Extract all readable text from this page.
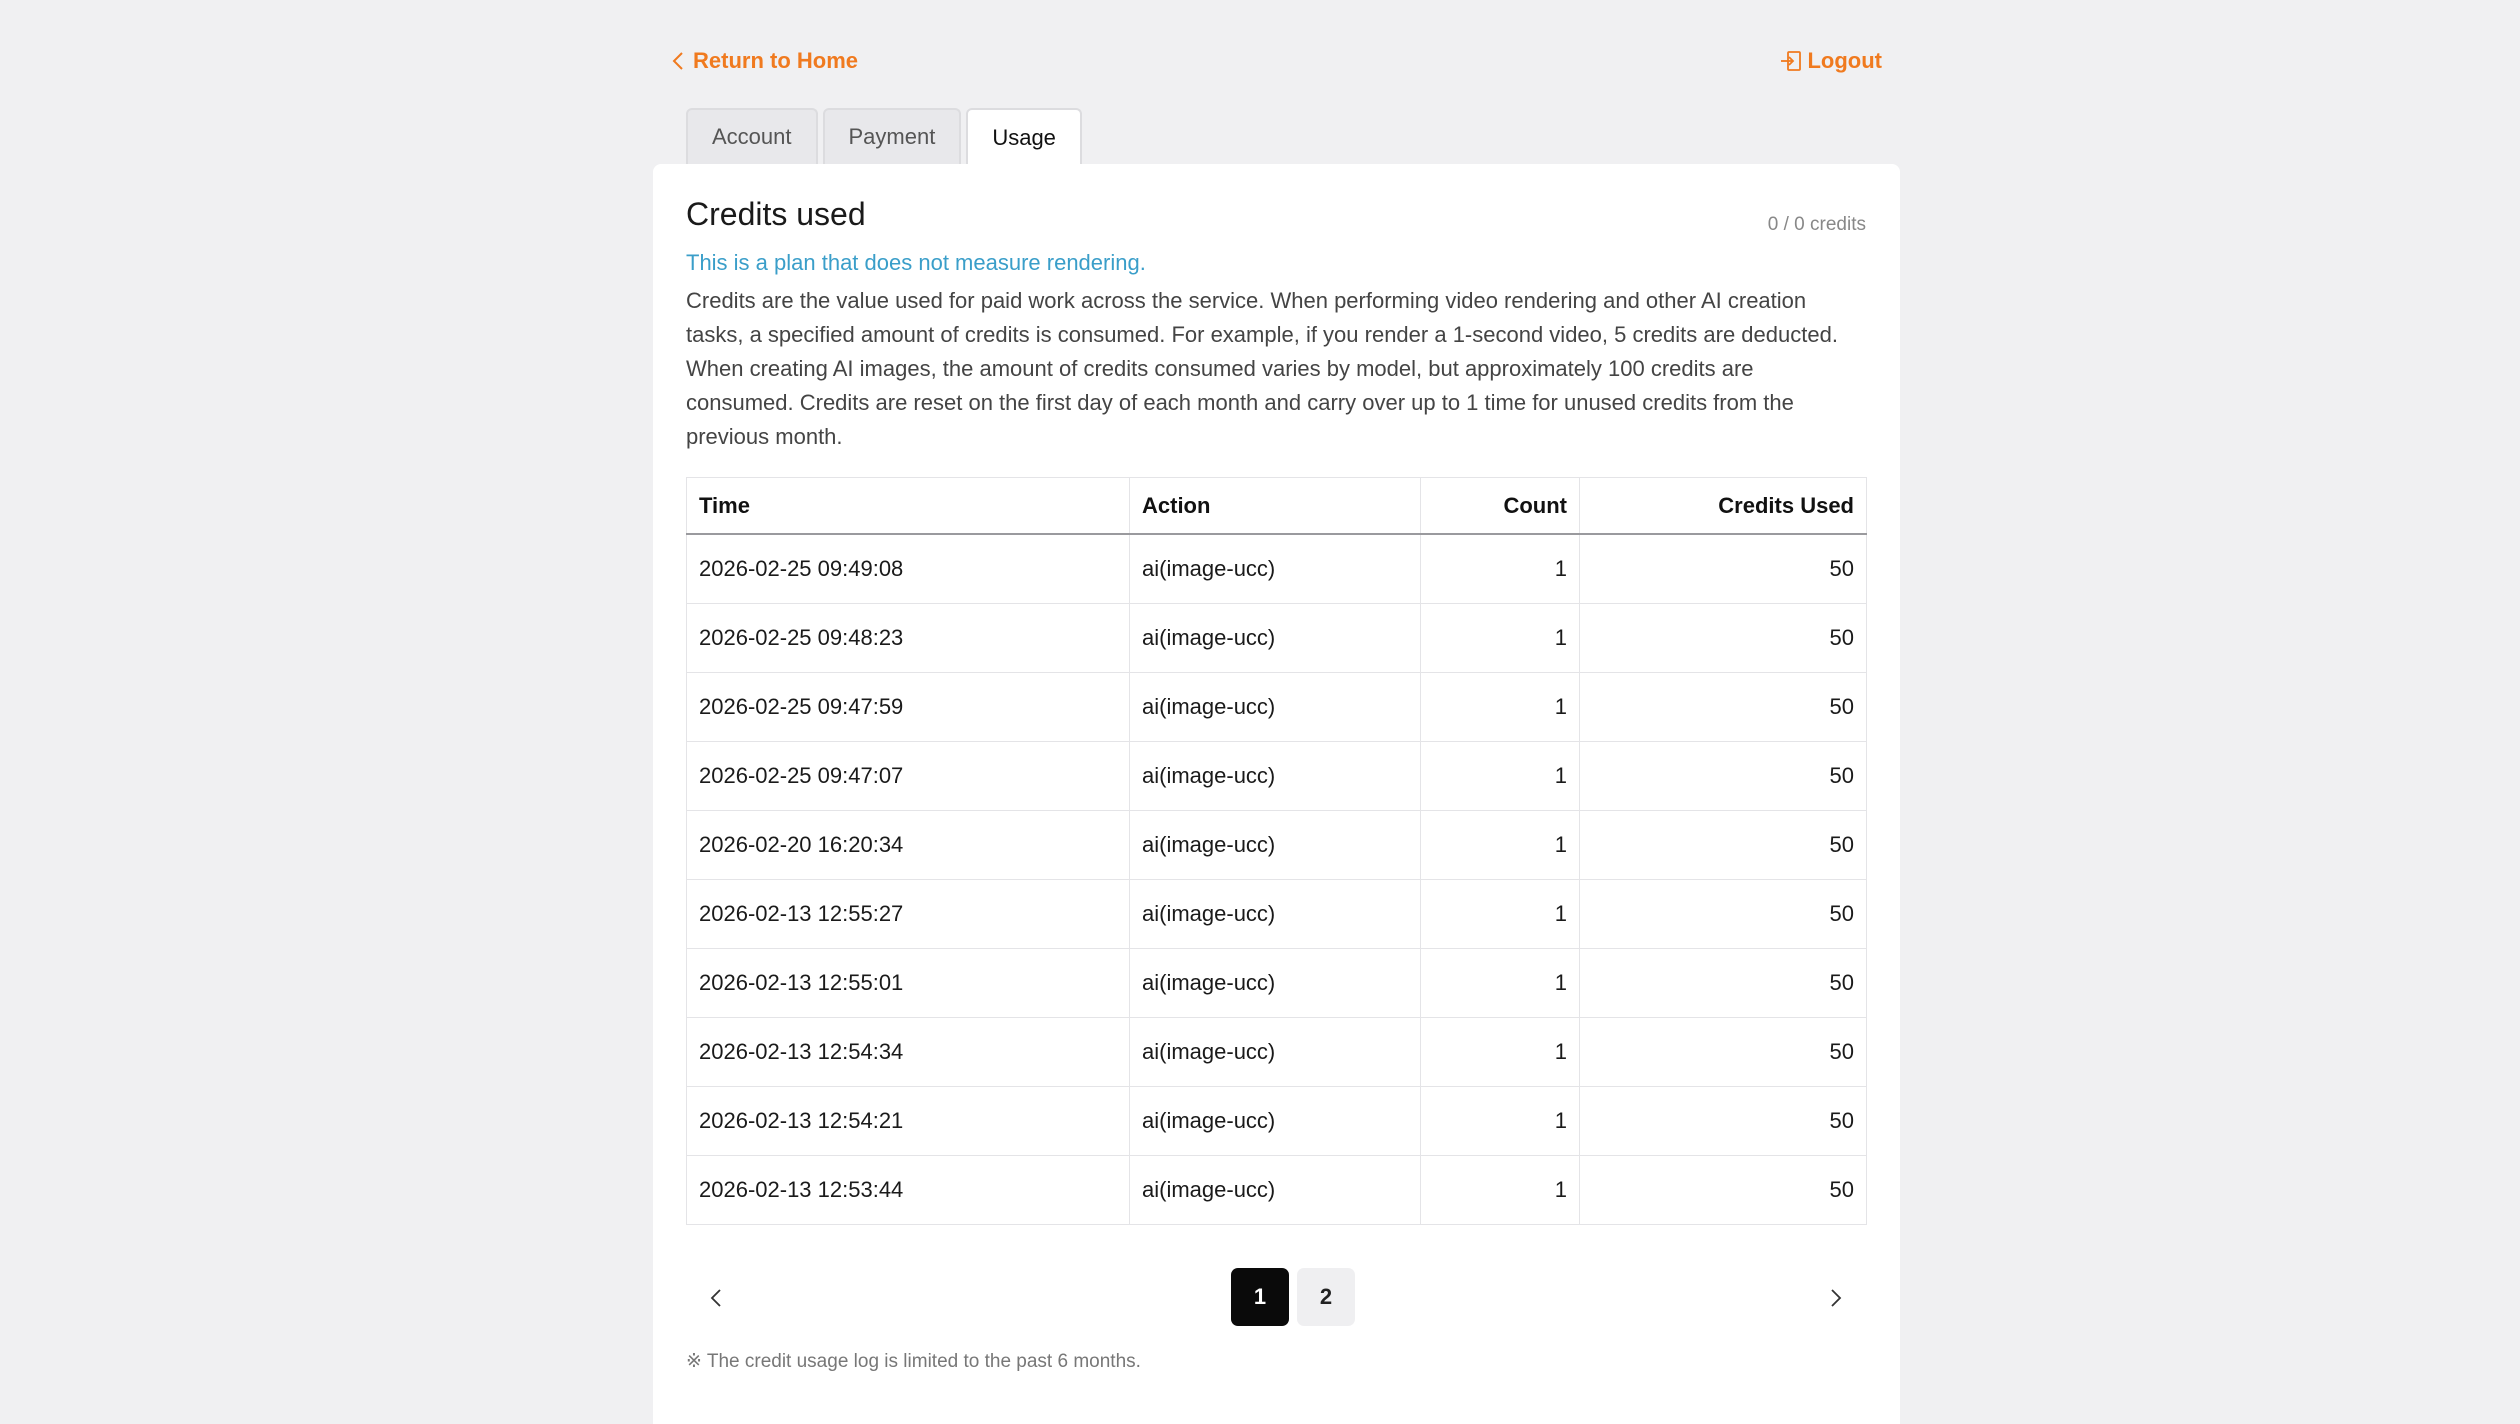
Return to Home	Logout
Account	Payment	Usage
Credits used	0 / 0 credits
This is a plan that does not measure rendering.
Credits are the value used for paid work across the service. When performing video rendering and other AI creation tasks, a specified amount of credits is consumed. For example, if you render a 1-second video, 5 credits are deducted. When creating AI images, the amount of credits consumed varies by model, but approximately 100 credits are consumed. Credits are reset on the first day of each month and carry over up to 1 time for unused credits from the previous month.
Time	Action	Count	Credits Used
2026-02-25 09:49:08	ai(image-ucc)	1	50
2026-02-25 09:48:23	ai(image-ucc)	1	50
2026-02-25 09:47:59	ai(image-ucc)	1	50
2026-02-25 09:47:07	ai(image-ucc)	1	50
2026-02-20 16:20:34	ai(image-ucc)	1	50
2026-02-13 12:55:27	ai(image-ucc)	1	50
2026-02-13 12:55:01	ai(image-ucc)	1	50
2026-02-13 12:54:34	ai(image-ucc)	1	50
2026-02-13 12:54:21	ai(image-ucc)	1	50
2026-02-13 12:53:44	ai(image-ucc)	1	50
1	2
※ The credit usage log is limited to the past 6 months.
